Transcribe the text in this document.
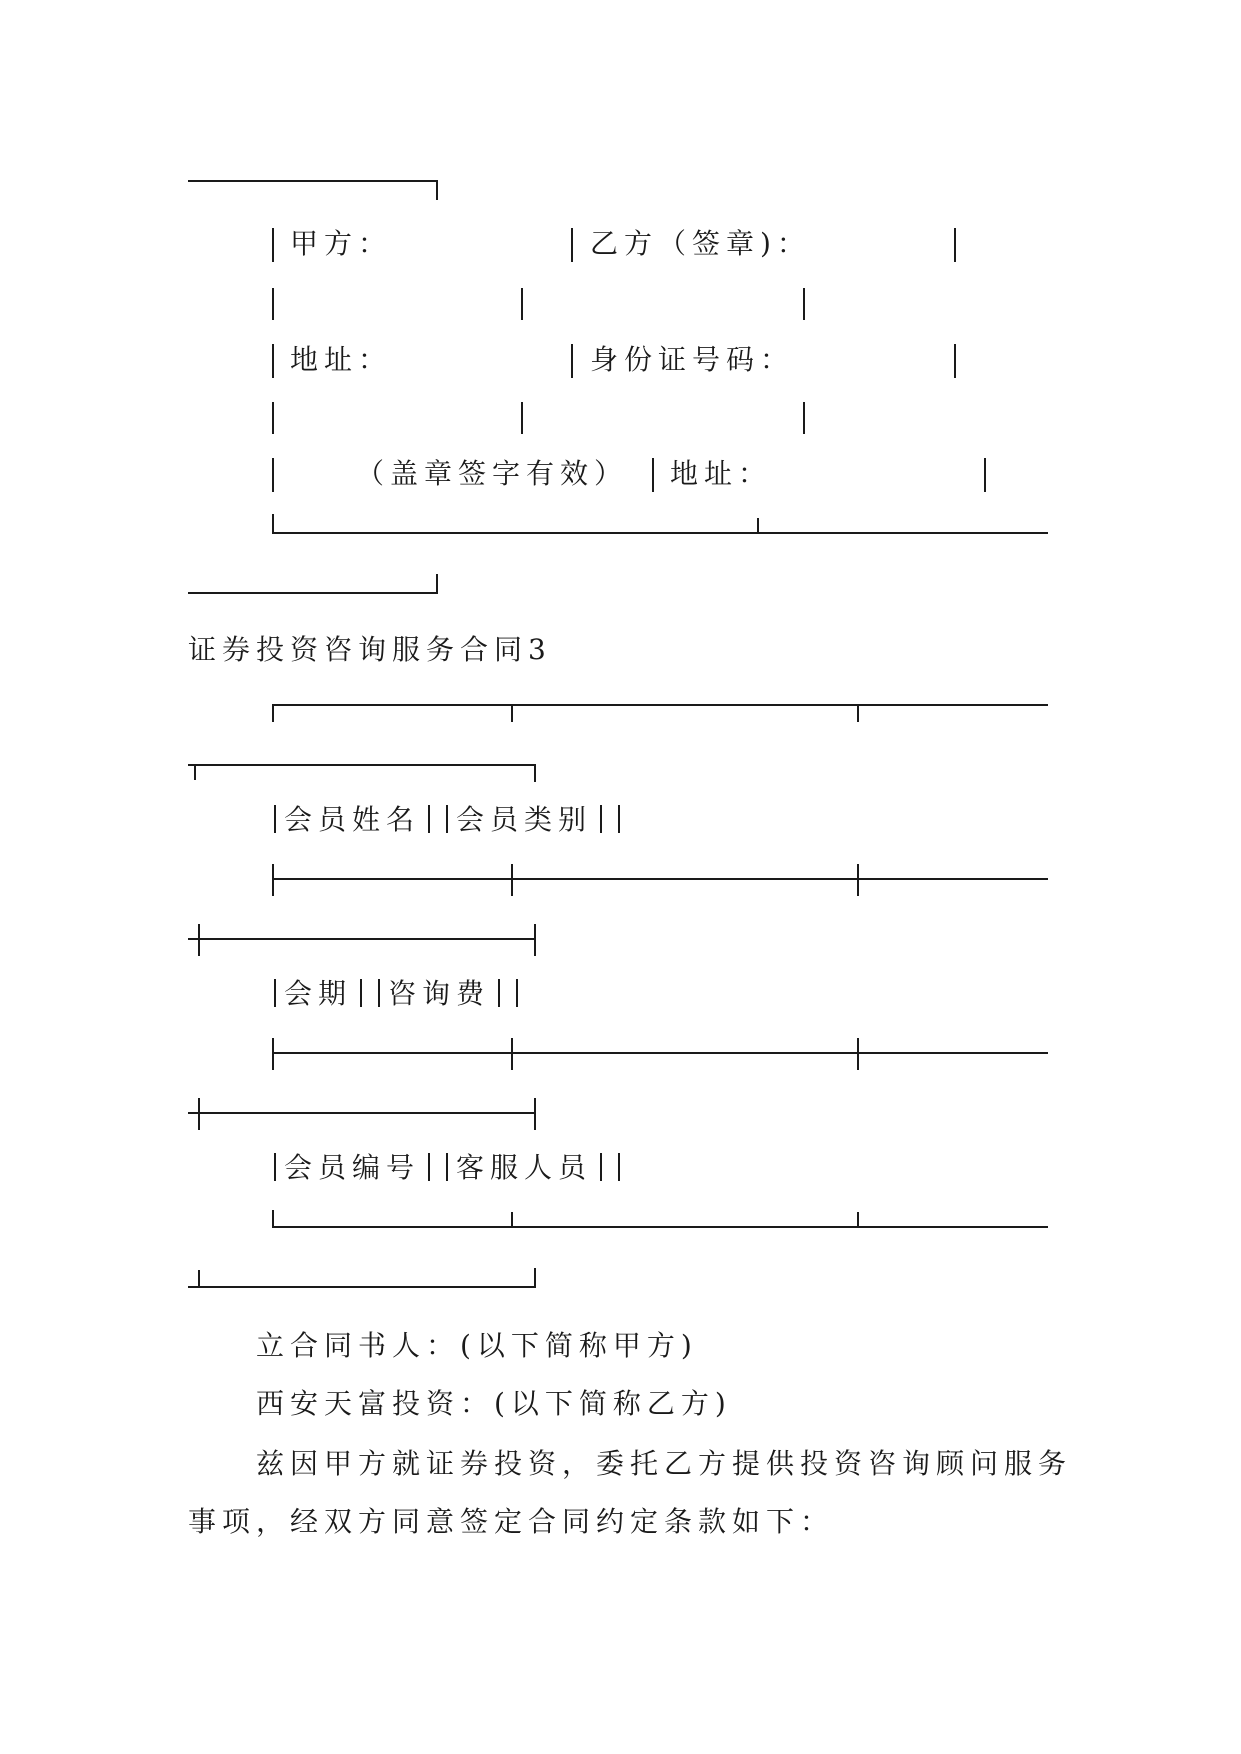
甲方：	乙方（签章)：
地址：	身份证号码：
（盖章签字有效） 地址：
证券投资咨询服务合同3
会员姓名 会员类别
会期 咨询费
会员编号 客服人员
立合同书人：(以下简称甲方)
西安天富投资：(以下简称乙方)
兹因甲方就证券投资，委托乙方提供投资咨询顾问服务
事项，经双方同意签定合同约定条款如下：
